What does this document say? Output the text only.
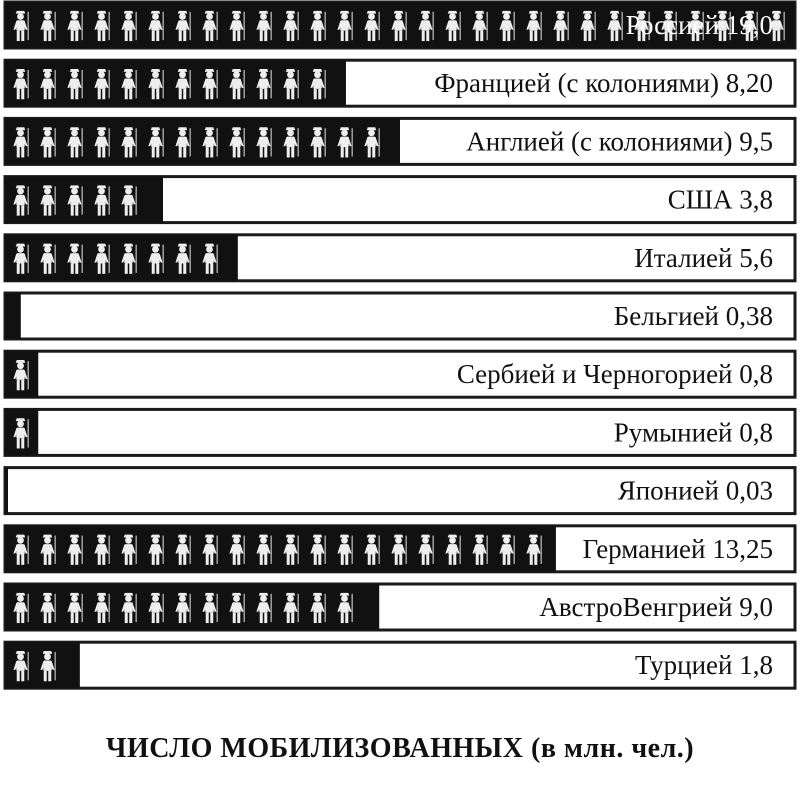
Россией 19,0
Францией (с колониями) 8,20
Англией (с колониями) 9,5
США 3,8
Италией 5,6
Бельгией 0,38
Сербией и Черногорией 0,8
Румынией 0,8
Японией 0,03
Германией 13,25
АвстроВенгрией 9,0
Турцией 1,8
ЧИСЛО МОБИЛИЗОВАННЫХ (в млн. чел.)
